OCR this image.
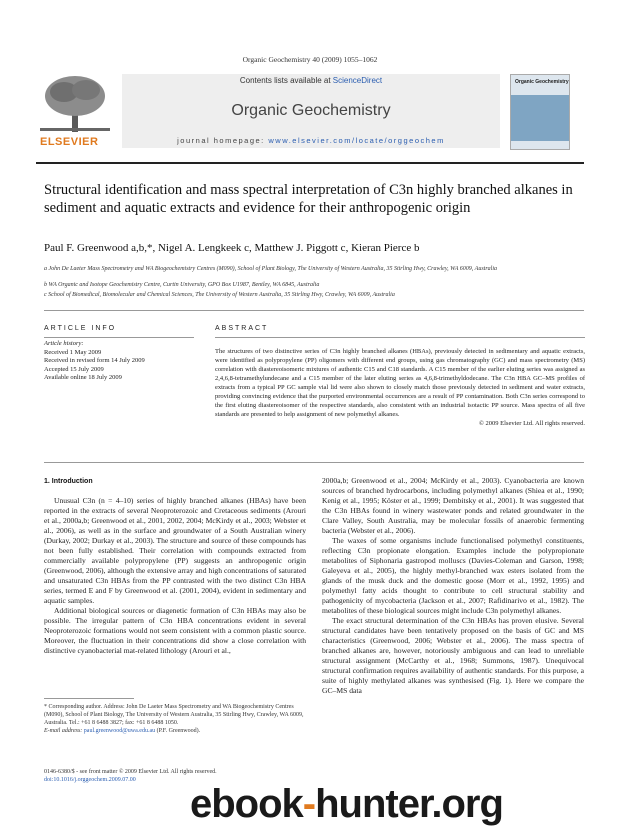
Organic Geochemistry 40 (2009) 1055–1062
ELSEVIER
Contents lists available at ScienceDirect
Organic Geochemistry
journal homepage: www.elsevier.com/locate/orggeochem
Organic Geochemistry
Structural identification and mass spectral interpretation of C3n highly branched alkanes in sediment and aquatic extracts and evidence for their anthropogenic origin
Paul F. Greenwood a,b,*, Nigel A. Lengkeek c, Matthew J. Piggott c, Kieran Pierce b
a John De Laeter Mass Spectrometry and WA Biogeochemistry Centres (M090), School of Plant Biology, The University of Western Australia, 35 Stirling Hwy, Crawley, WA 6009, Australia
b WA Organic and Isotope Geochemistry Centre, Curtin University, GPO Box U1987, Bentley, WA 6845, Australia
c School of Biomedical, Biomolecular and Chemical Sciences, The University of Western Australia, 35 Stirling Hwy, Crawley, WA 6009, Australia
ARTICLE INFO
Article history:
Received 1 May 2009
Received in revised form 14 July 2009
Accepted 15 July 2009
Available online 18 July 2009
ABSTRACT
The structures of two distinctive series of C3n highly branched alkanes (HBAs), previously detected in sedimentary and aquatic extracts, were identified as polypropylene (PP) oligomers with different end groups, using gas chromatography (GC) and mass spectrometry (MS) correlation with diastereoisomeric mixtures of authentic C15 and C18 standards. A C15 member of the earlier eluting series was assigned as 2,4,6,8-tetramethylundecane and a C15 member of the later eluting series as 4,6,8-trimethyldodecane. The C3n HBA GC–MS profiles of extracts from a typical PP GC sample vial lid were also shown to closely match those previously detected in sediment and water extracts, providing convincing evidence that the purported environmental occurrences are a result of PP contamination. Both C3n series correspond to the first eluting diastereoisomer of the respective standards, also consistent with an industrial isotactic PP source. Mass spectra of all five standards are presented to help assignment of new polymethyl alkanes.
© 2009 Elsevier Ltd. All rights reserved.
1. Introduction

Unusual C3n (n = 4–10) series of highly branched alkanes (HBAs) have been reported in the extracts of several Neoproterozoic and Cretaceous sediments (Arouri et al., 2000a,b; Greenwood et al., 2001, 2002, 2004; McKirdy et al., 2003; Webster et al., 2006), as well as in the surface and groundwater of a South Australian winery (Durkay, 2002; Durkay et al., 2003). The structure and source of these compounds has not been fully established. Their correlation with compounds extracted from commercially available polypropylene (PP) suggests an anthropogenic origin (Greenwood, 2006), although the extensive array and high concentrations of saturated and unsaturated C3n HBAs from the PP contrasted with the two distinct C3n HBA series, termed E and F by Greenwood et al. (2001, 2004), evident in sedimentary and aquatic samples.

Additional biological sources or diagenetic formation of C3n HBAs may also be possible. The irregular pattern of C3n HBA concentrations evident in several Neoproterozoic formations would not seem consistent with a common plastic source. Moreover, the fluctuation in their concentrations did show a close correlation with distinctive cyanobacterial mat-related lithology (Arouri et al.,

2000a,b; Greenwood et al., 2004; McKirdy et al., 2003). Cyanobacteria are known sources of branched hydrocarbons, including polymethyl alkanes (Shiea et al., 1990; Kenig et al., 1995; Köster et al., 1999; Dembitsky et al., 2001). It was suggested that the C3n HBAs found in winery wastewater ponds and related groundwater in the Clare Valley, South Australia, may be molecular fossils of anaerobic fermenting bacteria (Webster et al., 2006).

The waxes of some organisms include functionalised polymethyl constituents, reflecting C3n propionate elongation. Examples include the polypropionate metabolites of Siphonaria gastropod molluscs (Davies-Coleman and Garson, 1998; Galeyeva et al., 2005), the highly methyl-branched wax esters isolated from the glands of the musk duck and the domestic goose (Morr et al., 1992, 1995) and polymethyl fatty acids thought to contribute to cell structural stability and pathogenicity of mycobacteria (Jackson et al., 2007; Rafidinarivo et al., 1982). The metabolites of these biological sources might include C3n polymethyl alkanes.

The exact structural determination of the C3n HBAs has proven elusive. Several structural candidates have been tentatively proposed on the basis of GC and MS characteristics (Greenwood, 2006; Webster et al., 2006). The mass spectra of branched alkanes are, however, notoriously ambiguous and can lead to unreliable structural assignment (McCarthy et al., 1968; Summons, 1987). Unequivocal structural confirmation requires availability of authentic standards. For this purpose, a suite of highly methylated alkanes was synthesised (Fig. 1). Here we compare the GC–MS data

* Corresponding author. Address: John De Laeter Mass Spectrometry and WA Biogeochemistry Centres (M090), School of Plant Biology, The University of Western Australia, 35 Stirling Hwy, Crawley, WA 6009, Australia. Tel.: +61 8 6488 3827; fax: +61 8 6488 1050.
E-mail address: paul.greenwood@uwa.edu.au (P.F. Greenwood).
0146-6380/$ - see front matter © 2009 Elsevier Ltd. All rights reserved.
doi:10.1016/j.orggeochem.2009.07.00
ebook-hunter.org
